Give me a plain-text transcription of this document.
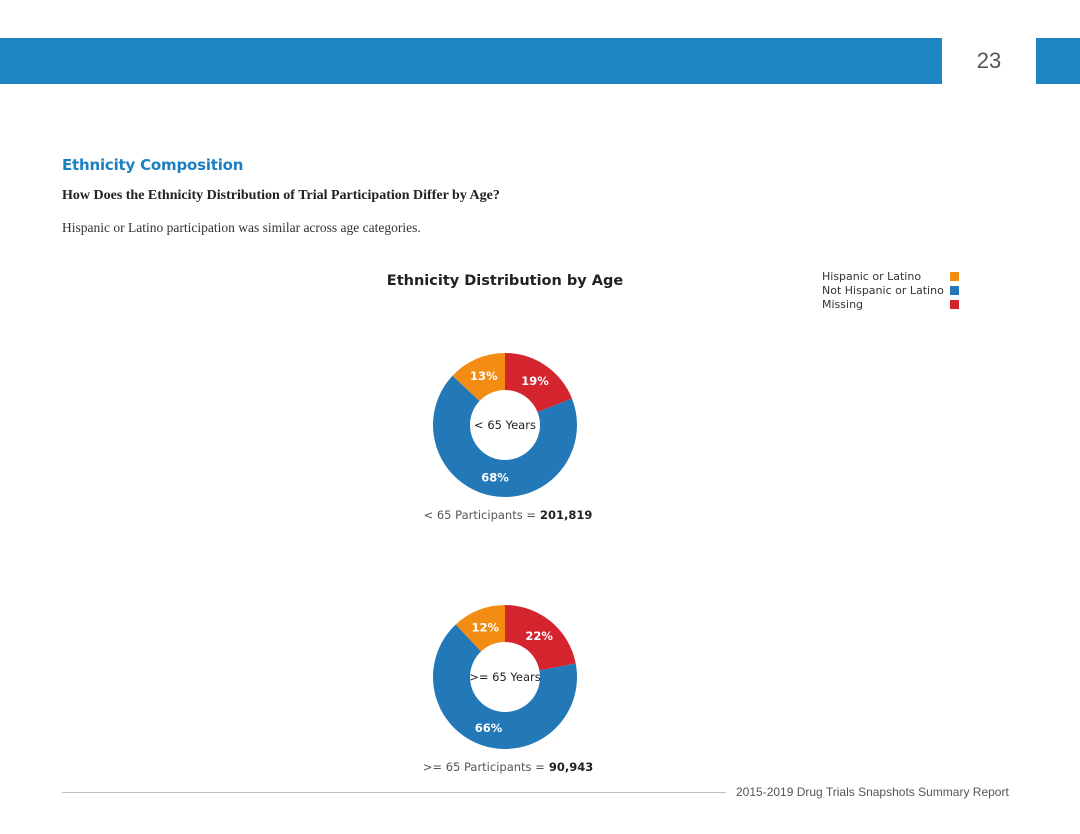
23
Ethnicity Composition
How Does the Ethnicity Distribution of Trial Participation Differ by Age?
Hispanic or Latino participation was similar across age categories.
Ethnicity Distribution by Age	Hispanic or Latino
Not Hispanic or Latino
Missing
19%
68%
13%
< 65 Years
22%
66%
12%
>= 65 Years
< 65 Participants = 201,819
>= 65 Participants = 90,943
2015-2019 Drug Trials Snapshots Summary Report
